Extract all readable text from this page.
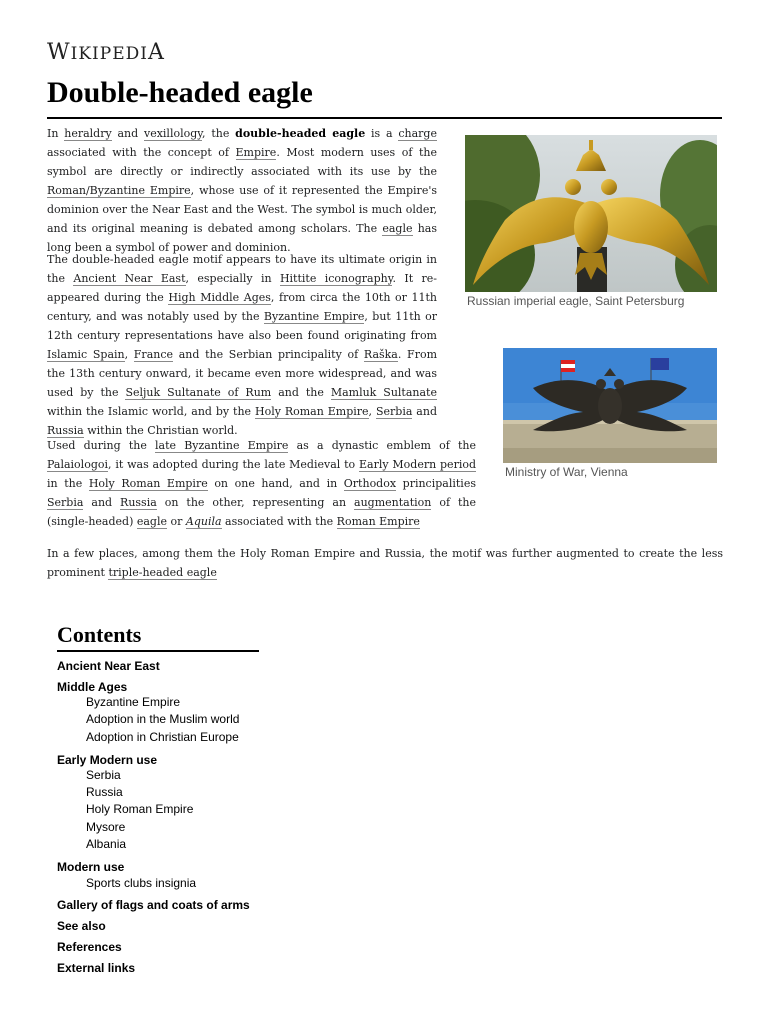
WIKIPEDIA
Double-headed eagle

In heraldry and vexillology, the double-headed eagle is a charge associated with the concept of Empire. Most modern uses of the symbol are directly or indirectly associated with its use by the Roman/Byzantine Empire, whose use of it represented the Empire's dominion over the Near East and the West. The symbol is much older, and its original meaning is debated among scholars. The eagle has long been a symbol of power and dominion.

The double-headed eagle motif appears to have its ultimate origin in the Ancient Near East, especially in Hittite iconography. It re-appeared during the High Middle Ages, from circa the 10th or 11th century, and was notably used by the Byzantine Empire, but 11th or 12th century representations have also been found originating from Islamic Spain, France and the Serbian principality of Raška. From the 13th century onward, it became even more widespread, and was used by the Seljuk Sultanate of Rum and the Mamluk Sultanate within the Islamic world, and by the Holy Roman Empire, Serbia and Russia within the Christian world.

Used during the late Byzantine Empire as a dynastic emblem of the Palaiologoi, it was adopted during the late Medieval to Early Modern period in the Holy Roman Empire on one hand, and in Orthodox principalities Serbia and Russia on the other, representing an augmentation of the (single-headed) eagle or Aquila associated with the Roman Empire

In a few places, among them the Holy Roman Empire and Russia, the motif was further augmented to create the less prominent triple-headed eagle

Russian imperial eagle, Saint Petersburg
Ministry of War, Vienna
Contents
Ancient Near East
Middle Ages
Byzantine Empire
Adoption in the Muslim world
Adoption in Christian Europe
Early Modern use
Serbia
Russia
Holy Roman Empire
Mysore
Albania
Modern use
Sports clubs insignia
Gallery of flags and coats of arms
See also
References
External links
